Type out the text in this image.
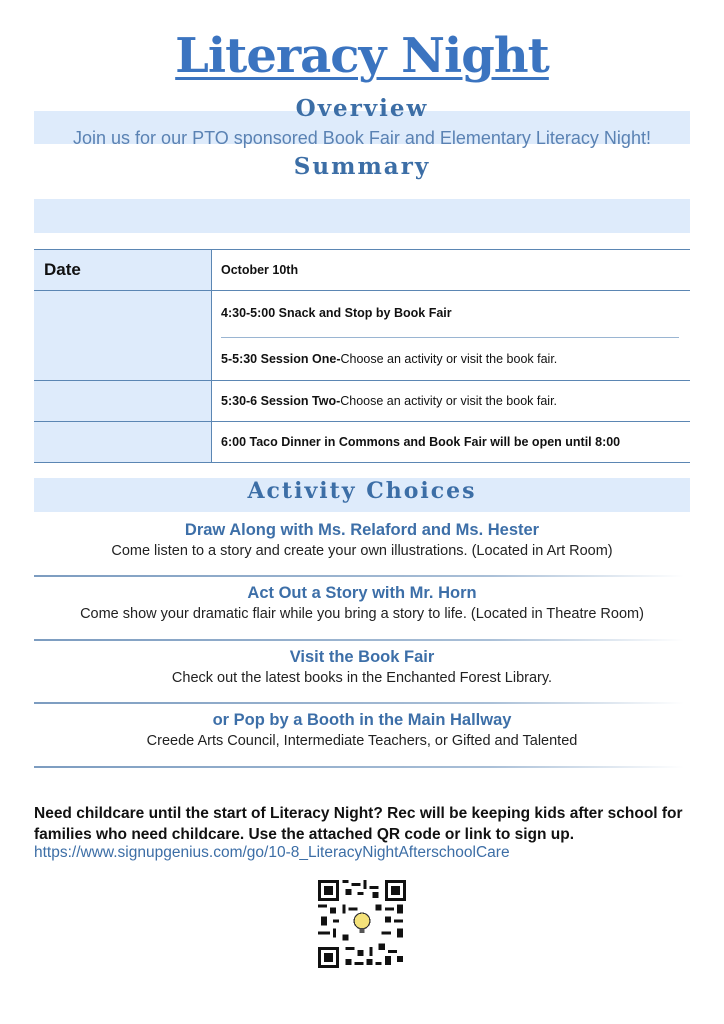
Literacy Night
Overview
Join us for our PTO sponsored Book Fair and Elementary Literacy Night!
Summary
Date	October 10th

	4:30-5:00 Snack and Stop by Book Fair
5-5:30 Session One-Choose an activity or visit the book fair.

	5:30-6 Session Two-Choose an activity or visit the book fair.
	6:00 Taco Dinner in Commons and Book Fair will be open until 8:00
Activity Choices
Draw Along with Ms. Relaford and Ms. Hester
Come listen to a story and create your own illustrations. (Located in Art Room)
Act Out a Story with Mr. Horn
Come show your dramatic flair while you bring a story to life. (Located in Theatre Room)
Visit the Book Fair
Check out the latest books in the Enchanted Forest Library.
or Pop by a Booth in the Main Hallway
Creede Arts Council, Intermediate Teachers, or Gifted and Talented
Need childcare until the start of Literacy Night? Rec will be keeping kids after school for families who need childcare. Use the attached QR code or link to sign up.
https://www.signupgenius.com/go/10-8_LiteracyNightAfterschoolCare
